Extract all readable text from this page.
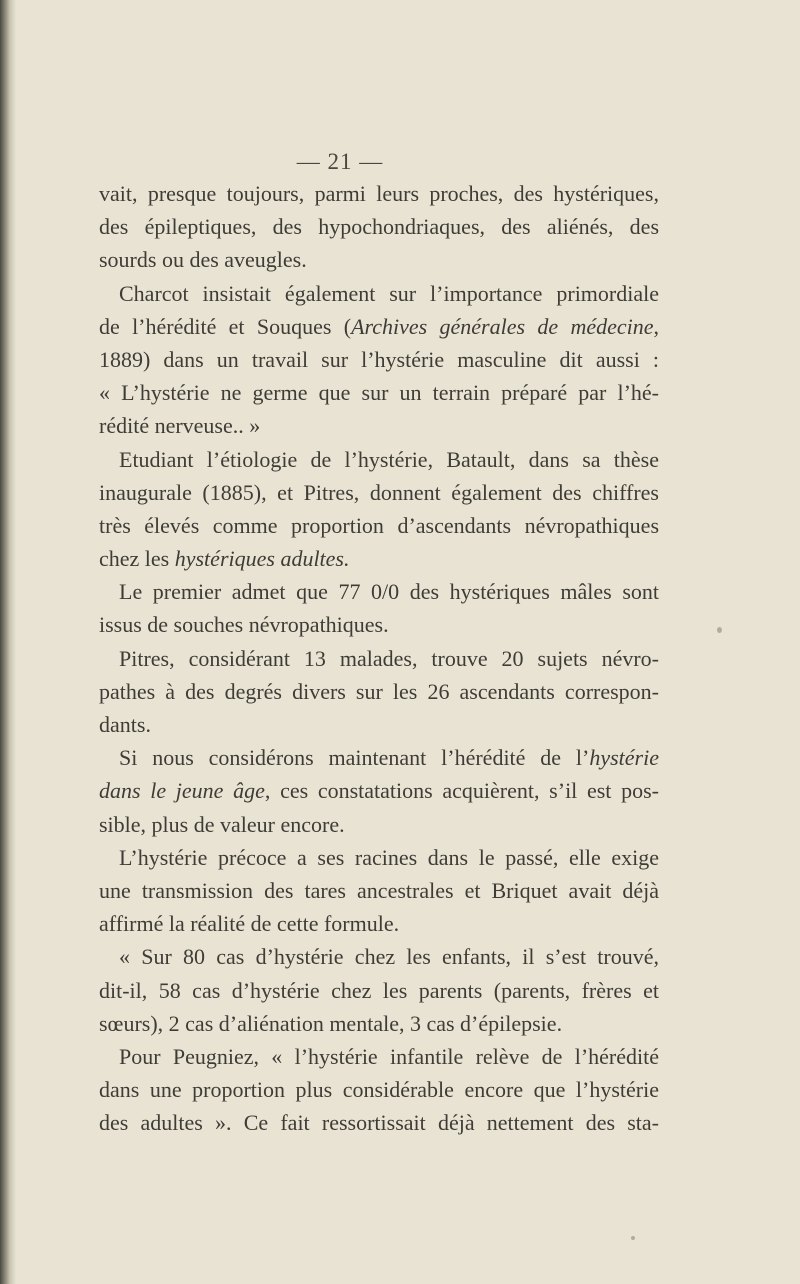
— 21 —
vait, presque toujours, parmi leurs proches, des hystériques,
des épileptiques, des hypochondriaques, des aliénés, des
sourds ou des aveugles.
Charcot insistait également sur l’importance primordiale
de l’hérédité et Souques (Archives générales de médecine,
1889) dans un travail sur l’hystérie masculine dit aussi :
« L’hystérie ne germe que sur un terrain préparé par l’hé-
rédité nerveuse.. »
Etudiant l’étiologie de l’hystérie, Batault, dans sa thèse
inaugurale (1885), et Pitres, donnent également des chiffres
très élevés comme proportion d’ascendants névropathiques
chez les hystériques adultes.
Le premier admet que 77 0/0 des hystériques mâles sont
issus de souches névropathiques.
Pitres, considérant 13 malades, trouve 20 sujets névro-
pathes à des degrés divers sur les 26 ascendants correspon-
dants.
Si nous considérons maintenant l’hérédité de l’hystérie
dans le jeune âge, ces constatations acquièrent, s’il est pos-
sible, plus de valeur encore.
L’hystérie précoce a ses racines dans le passé, elle exige
une transmission des tares ancestrales et Briquet avait déjà
affirmé la réalité de cette formule.
« Sur 80 cas d’hystérie chez les enfants, il s’est trouvé,
dit-il, 58 cas d’hystérie chez les parents (parents, frères et
sœurs), 2 cas d’aliénation mentale, 3 cas d’épilepsie.
Pour Peugniez, « l’hystérie infantile relève de l’hérédité
dans une proportion plus considérable encore que l’hystérie
des adultes ». Ce fait ressortissait déjà nettement des sta-
